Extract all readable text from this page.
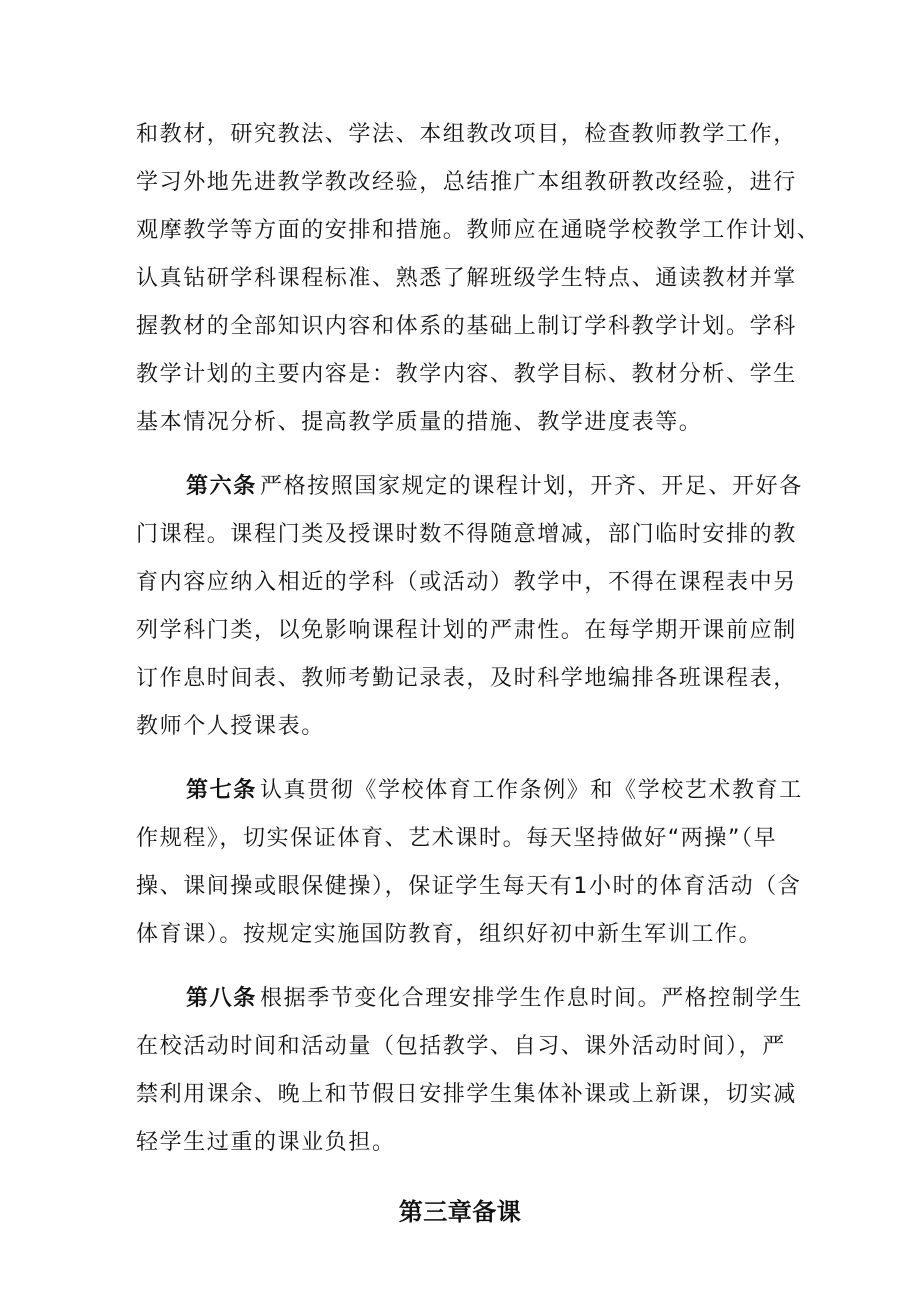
和教材，研究教法、学法、本组教改项目，检查教师教学工作，
学习外地先进教学教改经验，总结推广本组教研教改经验，进行
观摩教学等方面的安排和措施。教师应在通晓学校教学工作计划、
认真钻研学科课程标准、熟悉了解班级学生特点、通读教材并掌
握教材的全部知识内容和体系的基础上制订学科教学计划。学科
教学计划的主要内容是：教学内容、教学目标、教材分析、学生
基本情况分析、提高教学质量的措施、教学进度表等。
第六条 严格按照国家规定的课程计划，开齐、开足、开好各
门课程。课程门类及授课时数不得随意增减，部门临时安排的教
育内容应纳入相近的学科（或活动）教学中，不得在课程表中另
列学科门类，以免影响课程计划的严肃性。在每学期开课前应制
订作息时间表、教师考勤记录表，及时科学地编排各班课程表，
教师个人授课表。
第七条 认真贯彻《学校体育工作条例》和《学校艺术教育工
作规程》，切实保证体育、艺术课时。每天坚持做好“两操”（早
操、课间操或眼保健操），保证学生每天有1小时的体育活动（含
体育课）。按规定实施国防教育，组织好初中新生军训工作。
第八条 根据季节变化合理安排学生作息时间。严格控制学生
在校活动时间和活动量（包括教学、自习、课外活动时间），严
禁利用课余、晚上和节假日安排学生集体补课或上新课，切实减
轻学生过重的课业负担。
第三章备课
